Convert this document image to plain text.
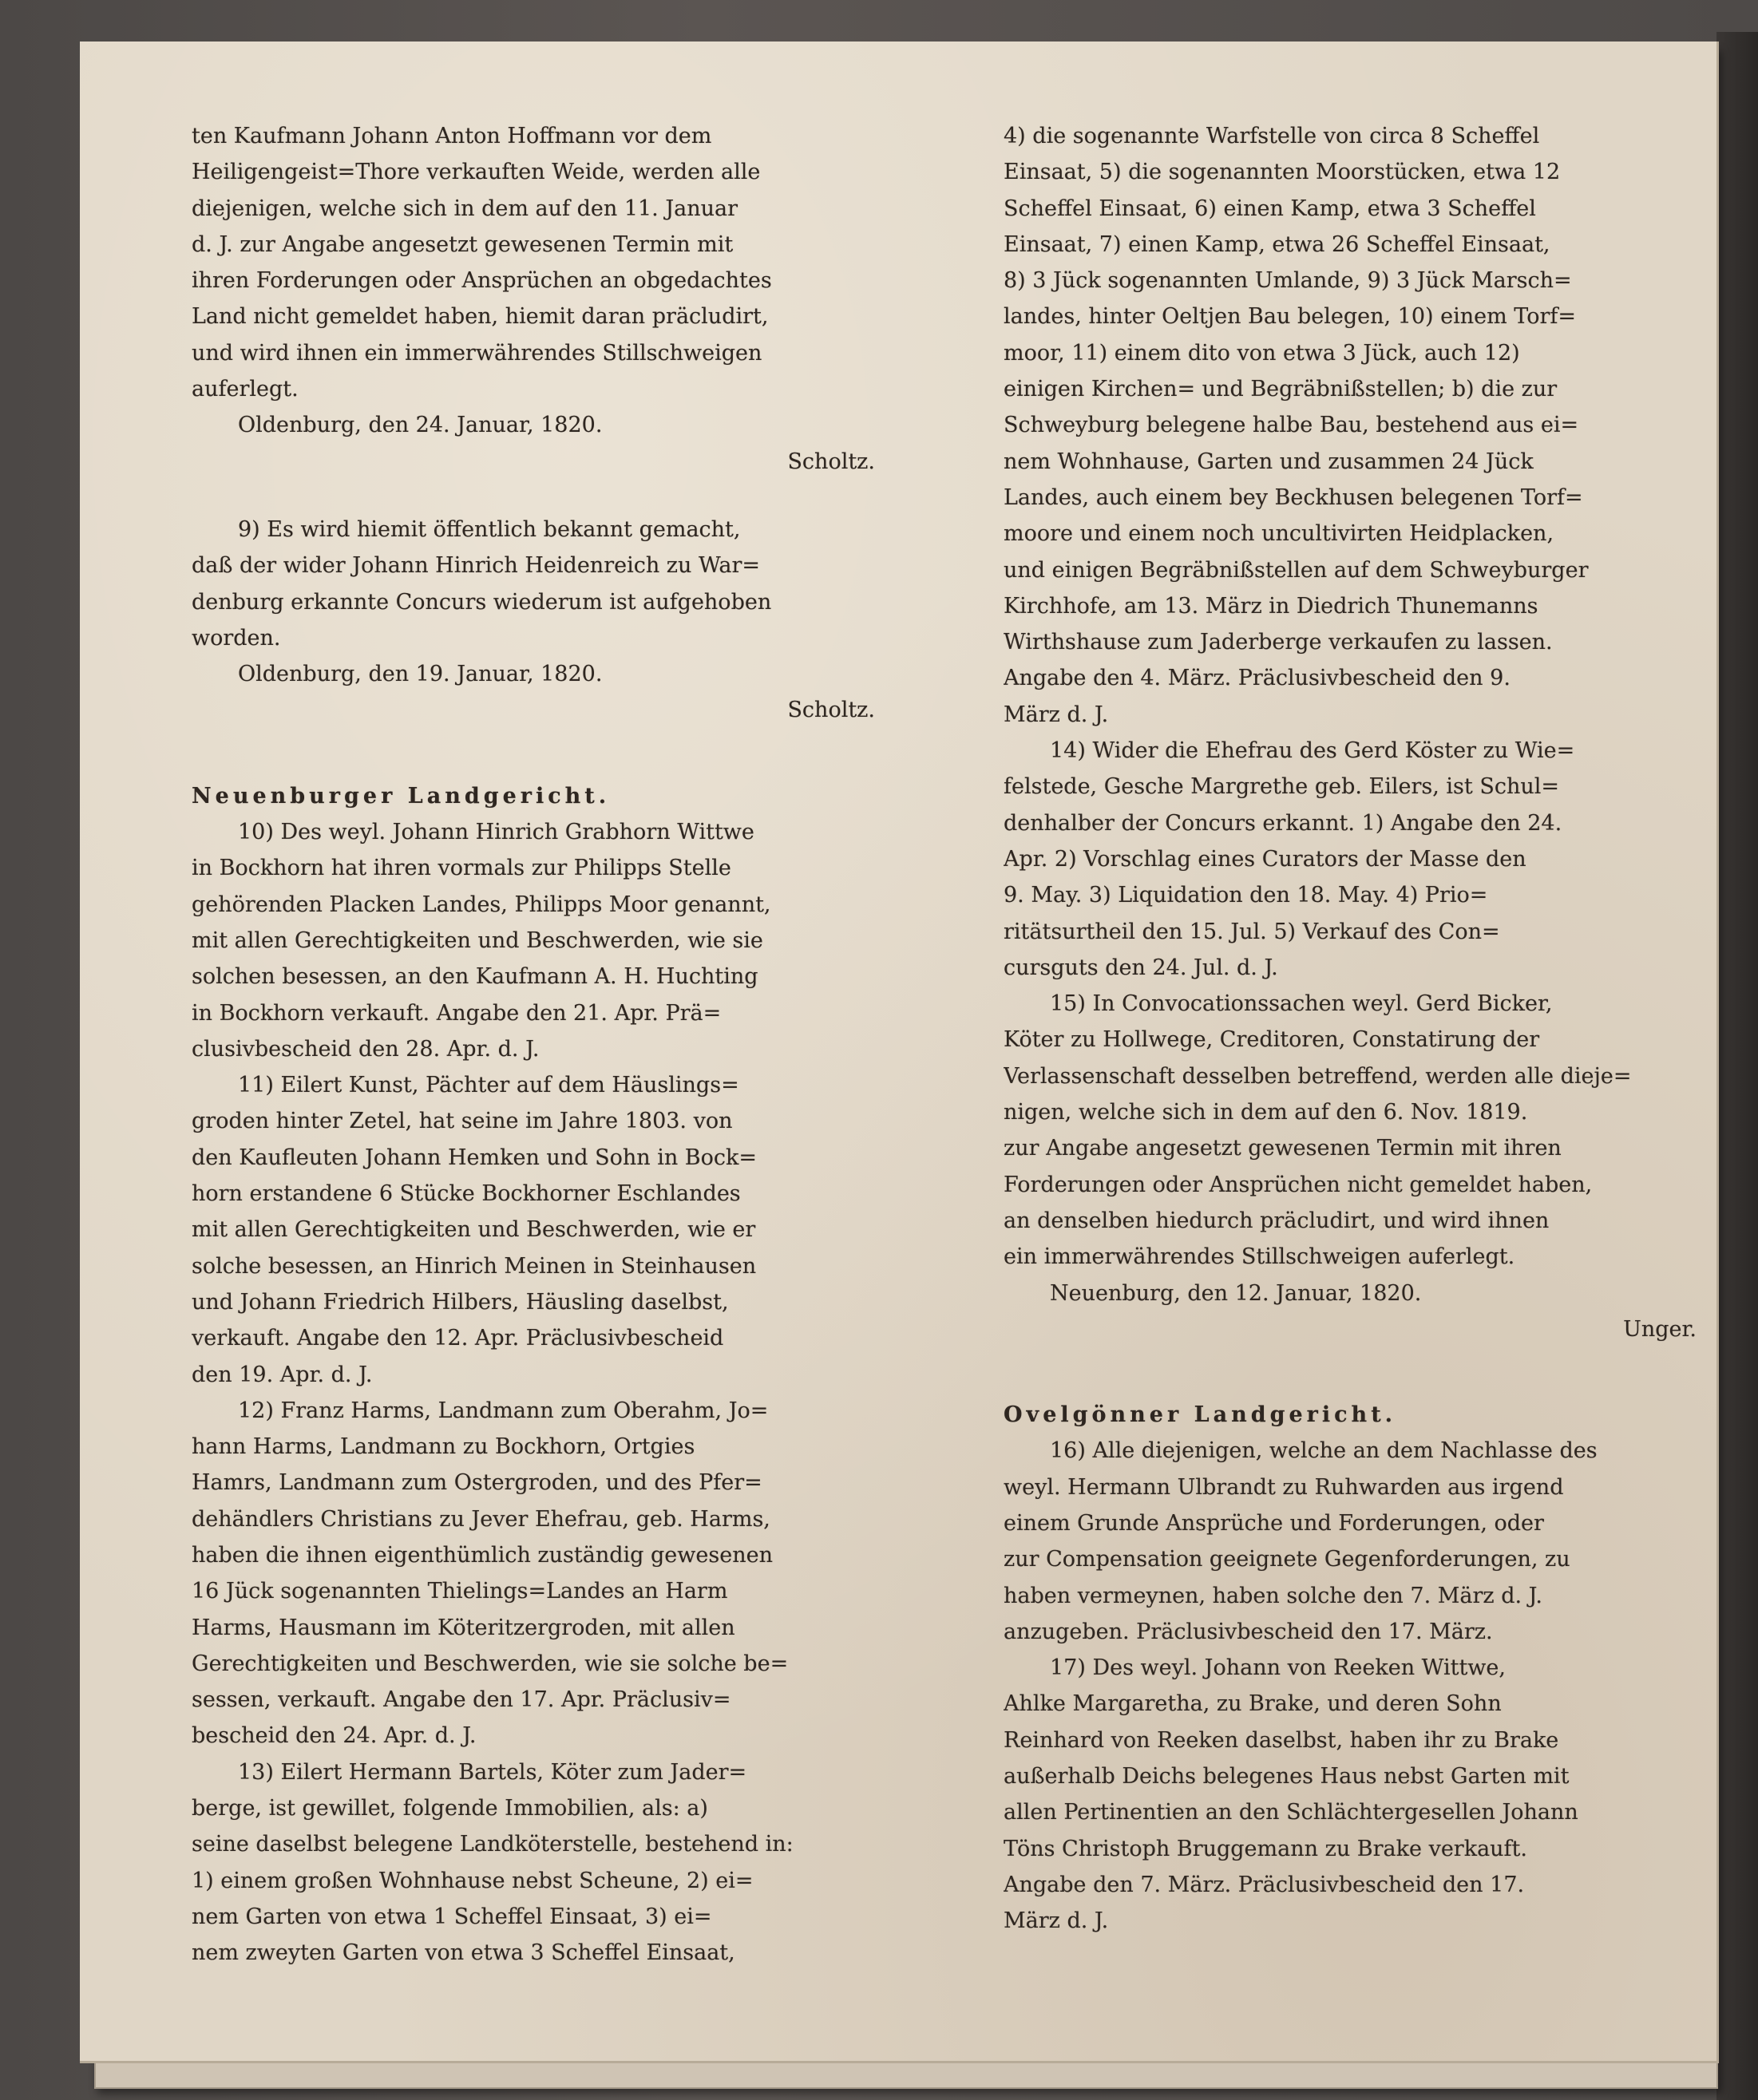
ten Kaufmann Johann Anton Hoffmann vor dem
Heiligengeist=Thore verkauften Weide, werden alle
diejenigen, welche sich in dem auf den 11. Januar
d. J. zur Angabe angesetzt gewesenen Termin mit
ihren Forderungen oder Ansprüchen an obgedachtes
Land nicht gemeldet haben, hiemit daran präcludirt,
und wird ihnen ein immerwährendes Stillschweigen
auferlegt.
Oldenburg, den 24. Januar, 1820.
Scholtz.
9) Es wird hiemit öffentlich bekannt gemacht,
daß der wider Johann Hinrich Heidenreich zu War=
denburg erkannte Concurs wiederum ist aufgehoben
worden.
Oldenburg, den 19. Januar, 1820.
Scholtz.
Neuenburger Landgericht.
10) Des weyl. Johann Hinrich Grabhorn Wittwe
in Bockhorn hat ihren vormals zur Philipps Stelle
gehörenden Placken Landes, Philipps Moor genannt,
mit allen Gerechtigkeiten und Beschwerden, wie sie
solchen besessen, an den Kaufmann A. H. Huchting
in Bockhorn verkauft. Angabe den 21. Apr. Prä=
clusivbescheid den 28. Apr. d. J.
11) Eilert Kunst, Pächter auf dem Häuslings=
groden hinter Zetel, hat seine im Jahre 1803. von
den Kaufleuten Johann Hemken und Sohn in Bock=
horn erstandene 6 Stücke Bockhorner Eschlandes
mit allen Gerechtigkeiten und Beschwerden, wie er
solche besessen, an Hinrich Meinen in Steinhausen
und Johann Friedrich Hilbers, Häusling daselbst,
verkauft. Angabe den 12. Apr. Präclusivbescheid
den 19. Apr. d. J.
12) Franz Harms, Landmann zum Oberahm, Jo=
hann Harms, Landmann zu Bockhorn, Ortgies
Hamrs, Landmann zum Ostergroden, und des Pfer=
dehändlers Christians zu Jever Ehefrau, geb. Harms,
haben die ihnen eigenthümlich zuständig gewesenen
16 Jück sogenannten Thielings=Landes an Harm
Harms, Hausmann im Köteritzergroden, mit allen
Gerechtigkeiten und Beschwerden, wie sie solche be=
sessen, verkauft. Angabe den 17. Apr. Präclusiv=
bescheid den 24. Apr. d. J.
13) Eilert Hermann Bartels, Köter zum Jader=
berge, ist gewillet, folgende Immobilien, als: a)
seine daselbst belegene Landköterstelle, bestehend in:
1) einem großen Wohnhause nebst Scheune, 2) ei=
nem Garten von etwa 1 Scheffel Einsaat, 3) ei=
nem zweyten Garten von etwa 3 Scheffel Einsaat,
4) die sogenannte Warfstelle von circa 8 Scheffel
Einsaat, 5) die sogenannten Moorstücken, etwa 12
Scheffel Einsaat, 6) einen Kamp, etwa 3 Scheffel
Einsaat, 7) einen Kamp, etwa 26 Scheffel Einsaat,
8) 3 Jück sogenannten Umlande, 9) 3 Jück Marsch=
landes, hinter Oeltjen Bau belegen, 10) einem Torf=
moor, 11) einem dito von etwa 3 Jück, auch 12)
einigen Kirchen= und Begräbnißstellen; b) die zur
Schweyburg belegene halbe Bau, bestehend aus ei=
nem Wohnhause, Garten und zusammen 24 Jück
Landes, auch einem bey Beckhusen belegenen Torf=
moore und einem noch uncultivirten Heidplacken,
und einigen Begräbnißstellen auf dem Schweyburger
Kirchhofe, am 13. März in Diedrich Thunemanns
Wirthshause zum Jaderberge verkaufen zu lassen.
Angabe den 4. März. Präclusivbescheid den 9.
März d. J.
14) Wider die Ehefrau des Gerd Köster zu Wie=
felstede, Gesche Margrethe geb. Eilers, ist Schul=
denhalber der Concurs erkannt. 1) Angabe den 24.
Apr. 2) Vorschlag eines Curators der Masse den
9. May. 3) Liquidation den 18. May. 4) Prio=
ritätsurtheil den 15. Jul. 5) Verkauf des Con=
cursguts den 24. Jul. d. J.
15) In Convocationssachen weyl. Gerd Bicker,
Köter zu Hollwege, Creditoren, Constatirung der
Verlassenschaft desselben betreffend, werden alle dieje=
nigen, welche sich in dem auf den 6. Nov. 1819.
zur Angabe angesetzt gewesenen Termin mit ihren
Forderungen oder Ansprüchen nicht gemeldet haben,
an denselben hiedurch präcludirt, und wird ihnen
ein immerwährendes Stillschweigen auferlegt.
Neuenburg, den 12. Januar, 1820.
Unger.
Ovelgönner Landgericht.
16) Alle diejenigen, welche an dem Nachlasse des
weyl. Hermann Ulbrandt zu Ruhwarden aus irgend
einem Grunde Ansprüche und Forderungen, oder
zur Compensation geeignete Gegenforderungen, zu
haben vermeynen, haben solche den 7. März d. J.
anzugeben. Präclusivbescheid den 17. März.
17) Des weyl. Johann von Reeken Wittwe,
Ahlke Margaretha, zu Brake, und deren Sohn
Reinhard von Reeken daselbst, haben ihr zu Brake
außerhalb Deichs belegenes Haus nebst Garten mit
allen Pertinentien an den Schlächtergesellen Johann
Töns Christoph Bruggemann zu Brake verkauft.
Angabe den 7. März. Präclusivbescheid den 17.
März d. J.
